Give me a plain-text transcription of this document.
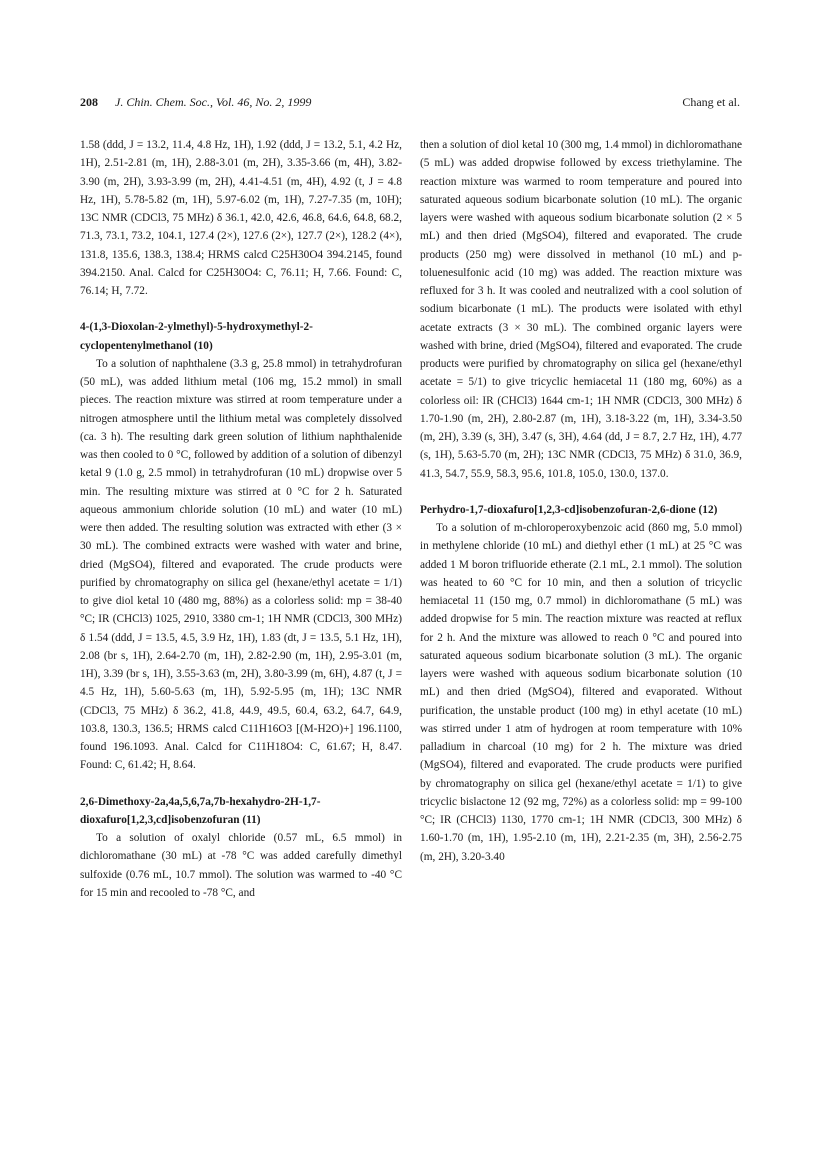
208 J. Chin. Chem. Soc., Vol. 46, No. 2, 1999	Chang et al.

1.58 (ddd, J = 13.2, 11.4, 4.8 Hz, 1H), 1.92 (ddd, J = 13.2, 5.1, 4.2 Hz, 1H), 2.51-2.81 (m, 1H), 2.88-3.01 (m, 2H), 3.35-3.66 (m, 4H), 3.82-3.90 (m, 2H), 3.93-3.99 (m, 2H), 4.41-4.51 (m, 4H), 4.92 (t, J = 4.8 Hz, 1H), 5.78-5.82 (m, 1H), 5.97-6.02 (m, 1H), 7.27-7.35 (m, 10H); 13C NMR (CDCl3, 75 MHz) δ 36.1, 42.0, 42.6, 46.8, 64.6, 64.8, 68.2, 71.3, 73.1, 73.2, 104.1, 127.4 (2×), 127.6 (2×), 127.7 (2×), 128.2 (4×), 131.8, 135.6, 138.3, 138.4; HRMS calcd C25H30O4 394.2145, found 394.2150. Anal. Calcd for C25H30O4: C, 76.11; H, 7.66. Found: C, 76.14; H, 7.72.

4-(1,3-Dioxolan-2-ylmethyl)-5-hydroxymethyl-2-cyclopentenylmethanol (10)

To a solution of naphthalene (3.3 g, 25.8 mmol) in tetrahydrofuran (50 mL), was added lithium metal (106 mg, 15.2 mmol) in small pieces. The reaction mixture was stirred at room temperature under a nitrogen atmosphere until the lithium metal was completely dissolved (ca. 3 h). The resulting dark green solution of lithium naphthalenide was then cooled to 0 °C, followed by addition of a solution of dibenzyl ketal 9 (1.0 g, 2.5 mmol) in tetrahydrofuran (10 mL) dropwise over 5 min. The resulting mixture was stirred at 0 °C for 2 h. Saturated aqueous ammonium chloride solution (10 mL) and water (10 mL) were then added. The resulting solution was extracted with ether (3 × 30 mL). The combined extracts were washed with water and brine, dried (MgSO4), filtered and evaporated. The crude products were purified by chromatography on silica gel (hexane/ethyl acetate = 1/1) to give diol ketal 10 (480 mg, 88%) as a colorless solid: mp = 38-40 °C; IR (CHCl3) 1025, 2910, 3380 cm-1; 1H NMR (CDCl3, 300 MHz) δ 1.54 (ddd, J = 13.5, 4.5, 3.9 Hz, 1H), 1.83 (dt, J = 13.5, 5.1 Hz, 1H), 2.08 (br s, 1H), 2.64-2.70 (m, 1H), 2.82-2.90 (m, 1H), 2.95-3.01 (m, 1H), 3.39 (br s, 1H), 3.55-3.63 (m, 2H), 3.80-3.99 (m, 6H), 4.87 (t, J = 4.5 Hz, 1H), 5.60-5.63 (m, 1H), 5.92-5.95 (m, 1H); 13C NMR (CDCl3, 75 MHz) δ 36.2, 41.8, 44.9, 49.5, 60.4, 63.2, 64.7, 64.9, 103.8, 130.3, 136.5; HRMS calcd C11H16O3 [(M-H2O)+] 196.1100, found 196.1093. Anal. Calcd for C11H18O4: C, 61.67; H, 8.47. Found: C, 61.42; H, 8.64.

2,6-Dimethoxy-2a,4a,5,6,7a,7b-hexahydro-2H-1,7-dioxafuro[1,2,3,cd]isobenzofuran (11)

To a solution of oxalyl chloride (0.57 mL, 6.5 mmol) in dichloromathane (30 mL) at -78 °C was added carefully dimethyl sulfoxide (0.76 mL, 10.7 mmol). The solution was warmed to -40 °C for 15 min and recooled to -78 °C, and

then a solution of diol ketal 10 (300 mg, 1.4 mmol) in dichloromathane (5 mL) was added dropwise followed by excess triethylamine. The reaction mixture was warmed to room temperature and poured into saturated aqueous sodium bicarbonate solution (10 mL). The organic layers were washed with aqueous sodium bicarbonate solution (2 × 5 mL) and then dried (MgSO4), filtered and evaporated. The crude products (250 mg) were dissolved in methanol (10 mL) and p-toluenesulfonic acid (10 mg) was added. The reaction mixture was refluxed for 3 h. It was cooled and neutralized with a cool solution of sodium bicarbonate (1 mL). The products were isolated with ethyl acetate extracts (3 × 30 mL). The combined organic layers were washed with brine, dried (MgSO4), filtered and evaporated. The crude products were purified by chromatography on silica gel (hexane/ethyl acetate = 5/1) to give tricyclic hemiacetal 11 (180 mg, 60%) as a colorless oil: IR (CHCl3) 1644 cm-1; 1H NMR (CDCl3, 300 MHz) δ 1.70-1.90 (m, 2H), 2.80-2.87 (m, 1H), 3.18-3.22 (m, 1H), 3.34-3.50 (m, 2H), 3.39 (s, 3H), 3.47 (s, 3H), 4.64 (dd, J = 8.7, 2.7 Hz, 1H), 4.77 (s, 1H), 5.63-5.70 (m, 2H); 13C NMR (CDCl3, 75 MHz) δ 31.0, 36.9, 41.3, 54.7, 55.9, 58.3, 95.6, 101.8, 105.0, 130.0, 137.0.

Perhydro-1,7-dioxafuro[1,2,3-cd]isobenzofuran-2,6-dione (12)

To a solution of m-chloroperoxybenzoic acid (860 mg, 5.0 mmol) in methylene chloride (10 mL) and diethyl ether (1 mL) at 25 °C was added 1 M boron trifluoride etherate (2.1 mL, 2.1 mmol). The solution was heated to 60 °C for 10 min, and then a solution of tricyclic hemiacetal 11 (150 mg, 0.7 mmol) in dichloromathane (5 mL) was added dropwise for 5 min. The reaction mixture was reacted at reflux for 2 h. And the mixture was allowed to reach 0 °C and poured into saturated aqueous sodium bicarbonate solution (3 mL). The organic layers were washed with aqueous sodium bicarbonate solution (10 mL) and then dried (MgSO4), filtered and evaporated. Without purification, the unstable product (100 mg) in ethyl acetate (10 mL) was stirred under 1 atm of hydrogen at room temperature with 10% palladium in charcoal (10 mg) for 2 h. The mixture was dried (MgSO4), filtered and evaporated. The crude products were purified by chromatography on silica gel (hexane/ethyl acetate = 1/1) to give tricyclic bislactone 12 (92 mg, 72%) as a colorless solid: mp = 99-100 °C; IR (CHCl3) 1130, 1770 cm-1; 1H NMR (CDCl3, 300 MHz) δ 1.60-1.70 (m, 1H), 1.95-2.10 (m, 1H), 2.21-2.35 (m, 3H), 2.56-2.75 (m, 2H), 3.20-3.40
